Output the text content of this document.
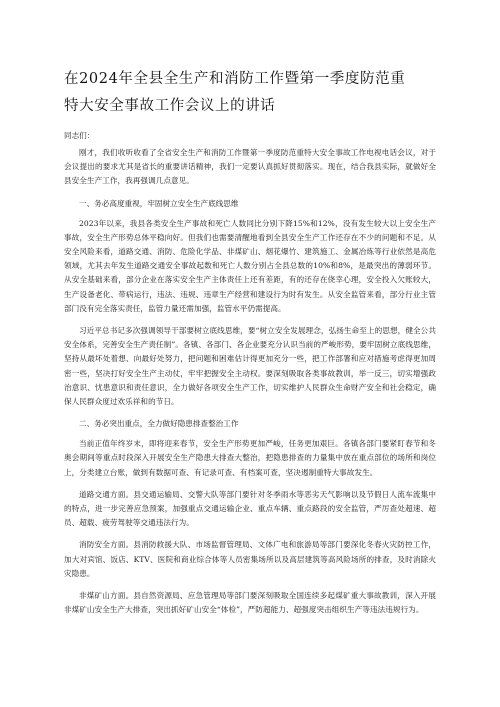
在2024年全县全生产和消防工作暨第一季度防范重
特大安全事故工作会议上的讲话

同志们：

刚才，我们收听收看了全省安全生产和消防工作暨第一季度防范重特大安全事故工作电视电话会议，对于会议提出的要求尤其是省长的重要讲话精神，我们一定要认真抓好贯彻落实。现在，结合我县实际，就做好全县安全生产工作，我再强调几点意见。

一、务必高度重视，牢固树立安全生产底线思维

2023年以来，我县各类安全生产事故和死亡人数同比分别下降15%和12%，没有发生较大以上安全生产事故，安全生产形势总体平稳向好。但我们也需要清醒地看到全县安全生产工作还存在不少的问题和不足。从安全风险来看，道路交通、消防、危险化学品、非煤矿山、烟花爆竹、建筑施工、金属冶炼等行业依然是高危领域，尤其去年发生道路交通安全事故起数和死亡人数分别占全县总数的10%和8%，是最突出的薄弱环节。从安全基础来看，部分企业在落实安全生产主体责任上还有差距，有的还存在侥幸心理，安全投入欠账较大，生产设备老化、带病运行，违法、违规、违章生产经营和建设行为时有发生。从安全监管来看，部分行业主管部门没有完全落实责任，监管力量还需加强，监管水平仍需提高。

习近平总书记多次强调领导干部要树立底线思维，要“树立安全发展理念，弘扬生命至上的思想，健全公共安全体系，完善安全生产责任制”。各镇、各部门、各企业要充分认识当前的严峻形势，要牢固树立底线思维，坚持从最坏处着想、向最好处努力，把问题和困难估计得更加充分一些，把工作部署和应对措施考虑得更加周密一些，坚决打好安全生产主动仗，牢牢把握安全主动权。要深刻吸取各类事故教训，举一反三，切实增强政治意识、忧患意识和责任意识，全力做好各项安全生产工作，切实维护人民群众生命财产安全和社会稳定，确保人民群众度过欢乐祥和的节日。

二、务必突出重点，全力做好隐患排查整治工作

当前正值年终岁末，即将迎来春节，安全生产形势更加严峻，任务更加艰巨。各镇各部门要紧盯春节和冬奥会期间等重点时段深入开展安全生产隐患大排查大整治，把隐患排查的力量集中放在重点部位的场所和岗位上，分类建立台账，做到有数据可查、有记录可查、有档案可查，坚决遏制重特大事故发生。

道路交通方面。县交通运输局、交警大队等部门要针对冬季雨水等恶劣天气影响以及节假日人流车流集中的特点，进一步完善应急预案，加强重点交通运输企业、重点车辆、重点路段的安全监管，严厉查处超速、超员、超载、疲劳驾驶等交通违法行为。

消防安全方面。县消防救援大队、市场监督管理局、文体广电和旅游局等部门要深化冬春火灾防控工作，加大对宾馆、饭店、KTV、医院和商业综合体等人员密集场所以及高层建筑等高风险场所的排查，及时消除火灾隐患。

非煤矿山方面。县自然资源局、应急管理局等部门要深刻吸取全国连续多起煤矿重大事故教训，深入开展非煤矿山安全生产大排查，突出抓好矿山安全“体检”，严防超能力、超强度突击组织生产等违法违规行为。
